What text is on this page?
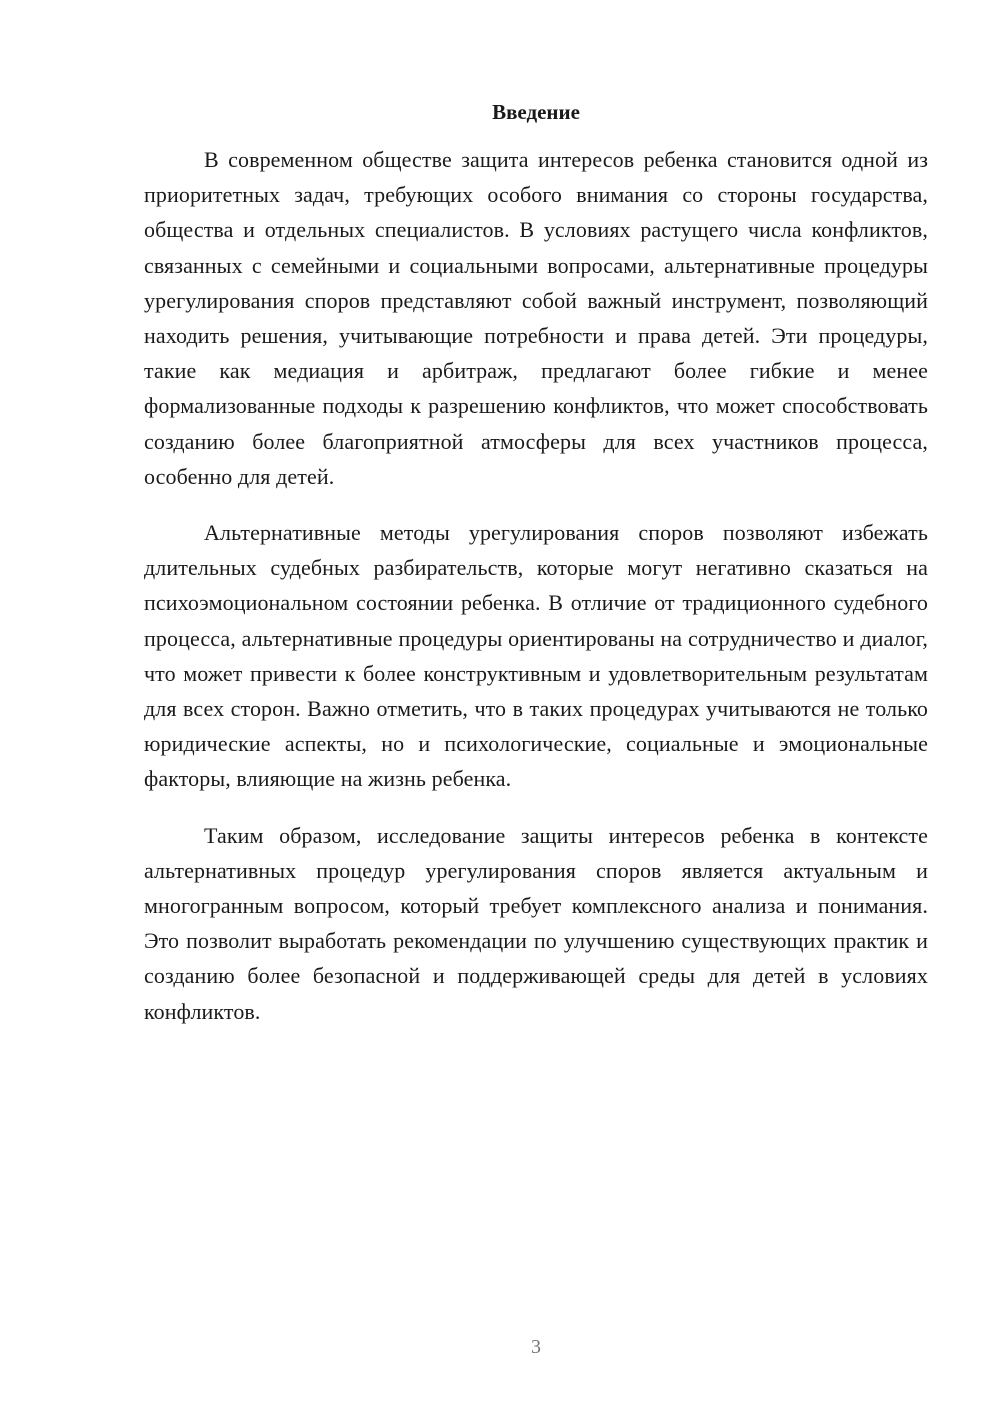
Введение

В современном обществе защита интересов ребенка становится одной из приоритетных задач, требующих особого внимания со стороны государства, общества и отдельных специалистов. В условиях растущего числа конфликтов, связанных с семейными и социальными вопросами, альтернативные процедуры урегулирования споров представляют собой важный инструмент, позволяющий находить решения, учитывающие потребности и права детей. Эти процедуры, такие как медиация и арбитраж, предлагают более гибкие и менее формализованные подходы к разрешению конфликтов, что может способствовать созданию более благоприятной атмосферы для всех участников процесса, особенно для детей.

Альтернативные методы урегулирования споров позволяют избежать длительных судебных разбирательств, которые могут негативно сказаться на психоэмоциональном состоянии ребенка. В отличие от традиционного судебного процесса, альтернативные процедуры ориентированы на сотрудничество и диалог, что может привести к более конструктивным и удовлетворительным результатам для всех сторон. Важно отметить, что в таких процедурах учитываются не только юридические аспекты, но и психологические, социальные и эмоциональные факторы, влияющие на жизнь ребенка.

Таким образом, исследование защиты интересов ребенка в контексте альтернативных процедур урегулирования споров является актуальным и многогранным вопросом, который требует комплексного анализа и понимания. Это позволит выработать рекомендации по улучшению существующих практик и созданию более безопасной и поддерживающей среды для детей в условиях конфликтов.

3
